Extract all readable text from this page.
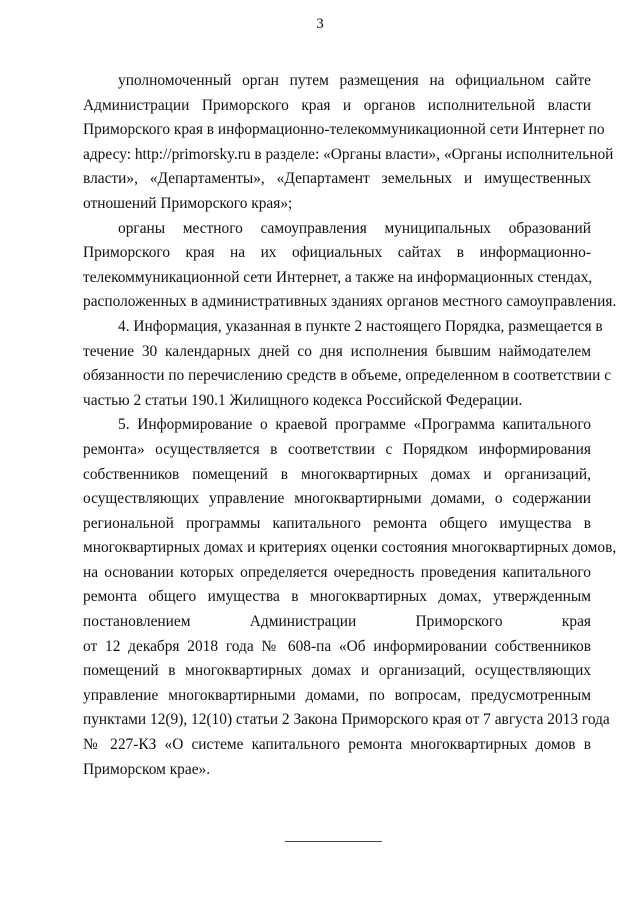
3
уполномоченный орган путем размещения на официальном сайте
Администрации Приморского края и органов исполнительной власти
Приморского края в информационно-телекоммуникационной сети Интернет по
адресу: http://primorsky.ru в разделе: «Органы власти», «Органы исполнительной
власти», «Департаменты», «Департамент земельных и имущественных
отношений Приморского края»;
органы местного самоуправления муниципальных образований
Приморского края на их официальных сайтах в информационно-
телекоммуникационной сети Интернет, а также на информационных стендах,
расположенных в административных зданиях органов местного самоуправления.
4. Информация, указанная в пункте 2 настоящего Порядка, размещается в
течение 30 календарных дней со дня исполнения бывшим наймодателем
обязанности по перечислению средств в объеме, определенном в соответствии с
частью 2 статьи 190.1 Жилищного кодекса Российской Федерации.
5. Информирование о краевой программе «Программа капитального
ремонта» осуществляется в соответствии с Порядком информирования
собственников помещений в многоквартирных домах и организаций,
осуществляющих управление многоквартирными домами, о содержании
региональной программы капитального ремонта общего имущества в
многоквартирных домах и критериях оценки состояния многоквартирных домов,
на основании которых определяется очередность проведения капитального
ремонта общего имущества в многоквартирных домах, утвержденным
постановлением Администрации Приморского края
от 12 декабря 2018 года № 608-па «Об информировании собственников
помещений в многоквартирных домах и организаций, осуществляющих
управление многоквартирными домами, по вопросам, предусмотренным
пунктами 12(9), 12(10) статьи 2 Закона Приморского края от 7 августа 2013 года
№ 227-КЗ «О системе капитального ремонта многоквартирных домов в
Приморском крае».
